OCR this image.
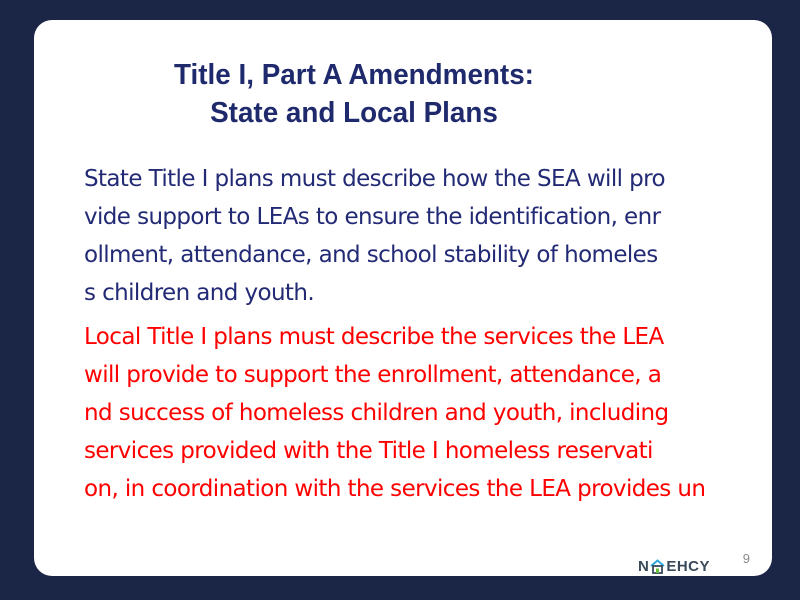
Title I, Part A Amendments:
State and Local Plans

State Title I plans must describe how the SEA will pro
vide support to LEAs to ensure the identification, enr
ollment, attendance, and school stability of homeles
s children and youth.

Local Title I plans must describe the services the LEA
will provide to support the enrollment, attendance, a
nd success of homeless children and youth, including
services provided with the Title I homeless reservati
on, in coordination with the services the LEA provides un

N EHCY	9
